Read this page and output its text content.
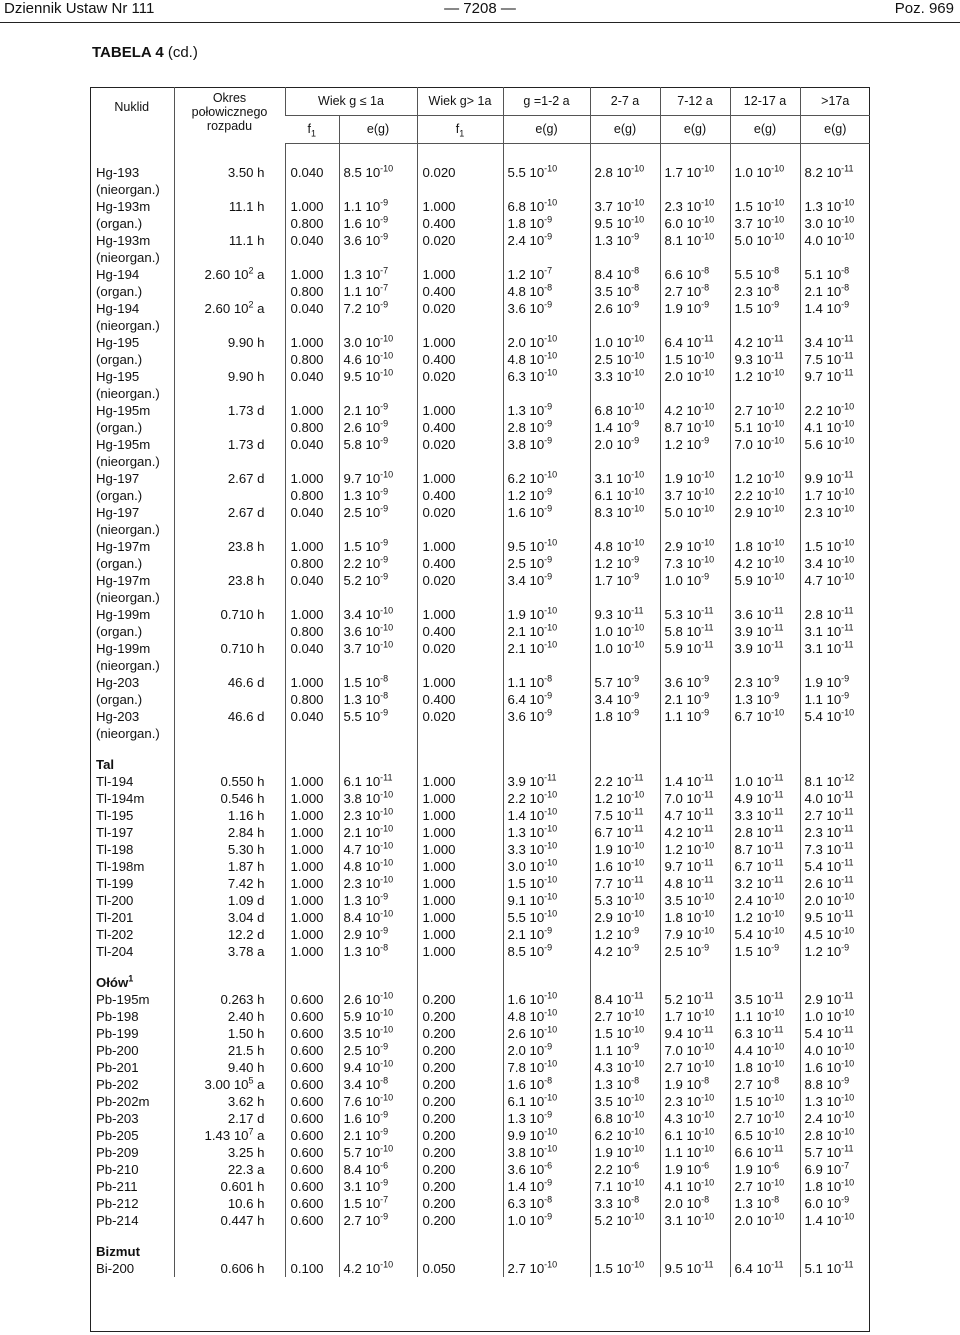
Dziennik Ustaw Nr 111	— 7208 —	Poz. 969
TABELA 4 (cd.)
Nuklid	Okres
połowicznego
rozpadu	Wiek g ≤ 1a		Wiek g> 1a	g =1-2 a	2-7 a	7-12 a	12-17 a	>17a
		$f_1$	e(g)	$f_1$	e(g)	e(g)	e(g)	e(g)	e(g)

Hg-193	3.50 h	0.040	8.5 $10^{-10}$	0.020	5.5 $10^{-10}$	2.8 $10^{-10}$	1.7 $10^{-10}$	1.0 $10^{-10}$	8.2 $10^{-11}$
(nieorgan.)									
Hg-193m	11.1 h	1.000	1.1 $10^{-9}$	1.000	6.8 $10^{-10}$	3.7 $10^{-10}$	2.3 $10^{-10}$	1.5 $10^{-10}$	1.3 $10^{-10}$
(organ.)		0.800	1.6 $10^{-9}$	0.400	1.8 $10^{-9}$	9.5 $10^{-10}$	6.0 $10^{-10}$	3.7 $10^{-10}$	3.0 $10^{-10}$
Hg-193m	11.1 h	0.040	3.6 $10^{-9}$	0.020	2.4 $10^{-9}$	1.3 $10^{-9}$	8.1 $10^{-10}$	5.0 $10^{-10}$	4.0 $10^{-10}$
(nieorgan.)									
Hg-194	2.60 $10^2$ a	1.000	1.3 $10^{-7}$	1.000	1.2 $10^{-7}$	8.4 $10^{-8}$	6.6 $10^{-8}$	5.5 $10^{-8}$	5.1 $10^{-8}$
(organ.)		0.800	1.1 $10^{-7}$	0.400	4.8 $10^{-8}$	3.5 $10^{-8}$	2.7 $10^{-8}$	2.3 $10^{-8}$	2.1 $10^{-8}$
Hg-194	2.60 $10^2$ a	0.040	7.2 $10^{-9}$	0.020	3.6 $10^{-9}$	2.6 $10^{-9}$	1.9 $10^{-9}$	1.5 $10^{-9}$	1.4 $10^{-9}$
(nieorgan.)									
Hg-195	9.90 h	1.000	3.0 $10^{-10}$	1.000	2.0 $10^{-10}$	1.0 $10^{-10}$	6.4 $10^{-11}$	4.2 $10^{-11}$	3.4 $10^{-11}$
(organ.)		0.800	4.6 $10^{-10}$	0.400	4.8 $10^{-10}$	2.5 $10^{-10}$	1.5 $10^{-10}$	9.3 $10^{-11}$	7.5 $10^{-11}$
Hg-195	9.90 h	0.040	9.5 $10^{-10}$	0.020	6.3 $10^{-10}$	3.3 $10^{-10}$	2.0 $10^{-10}$	1.2 $10^{-10}$	9.7 $10^{-11}$
(nieorgan.)									
Hg-195m	1.73 d	1.000	2.1 $10^{-9}$	1.000	1.3 $10^{-9}$	6.8 $10^{-10}$	4.2 $10^{-10}$	2.7 $10^{-10}$	2.2 $10^{-10}$
(organ.)		0.800	2.6 $10^{-9}$	0.400	2.8 $10^{-9}$	1.4 $10^{-9}$	8.7 $10^{-10}$	5.1 $10^{-10}$	4.1 $10^{-10}$
Hg-195m	1.73 d	0.040	5.8 $10^{-9}$	0.020	3.8 $10^{-9}$	2.0 $10^{-9}$	1.2 $10^{-9}$	7.0 $10^{-10}$	5.6 $10^{-10}$
(nieorgan.)									
Hg-197	2.67 d	1.000	9.7 $10^{-10}$	1.000	6.2 $10^{-10}$	3.1 $10^{-10}$	1.9 $10^{-10}$	1.2 $10^{-10}$	9.9 $10^{-11}$
(organ.)		0.800	1.3 $10^{-9}$	0.400	1.2 $10^{-9}$	6.1 $10^{-10}$	3.7 $10^{-10}$	2.2 $10^{-10}$	1.7 $10^{-10}$
Hg-197	2.67 d	0.040	2.5 $10^{-9}$	0.020	1.6 $10^{-9}$	8.3 $10^{-10}$	5.0 $10^{-10}$	2.9 $10^{-10}$	2.3 $10^{-10}$
(nieorgan.)									
Hg-197m	23.8 h	1.000	1.5 $10^{-9}$	1.000	9.5 $10^{-10}$	4.8 $10^{-10}$	2.9 $10^{-10}$	1.8 $10^{-10}$	1.5 $10^{-10}$
(organ.)		0.800	2.2 $10^{-9}$	0.400	2.5 $10^{-9}$	1.2 $10^{-9}$	7.3 $10^{-10}$	4.2 $10^{-10}$	3.4 $10^{-10}$
Hg-197m	23.8 h	0.040	5.2 $10^{-9}$	0.020	3.4 $10^{-9}$	1.7 $10^{-9}$	1.0 $10^{-9}$	5.9 $10^{-10}$	4.7 $10^{-10}$
(nieorgan.)									
Hg-199m	0.710 h	1.000	3.4 $10^{-10}$	1.000	1.9 $10^{-10}$	9.3 $10^{-11}$	5.3 $10^{-11}$	3.6 $10^{-11}$	2.8 $10^{-11}$
(organ.)		0.800	3.6 $10^{-10}$	0.400	2.1 $10^{-10}$	1.0 $10^{-10}$	5.8 $10^{-11}$	3.9 $10^{-11}$	3.1 $10^{-11}$
Hg-199m	0.710 h	0.040	3.7 $10^{-10}$	0.020	2.1 $10^{-10}$	1.0 $10^{-10}$	5.9 $10^{-11}$	3.9 $10^{-11}$	3.1 $10^{-11}$
(nieorgan.)									
Hg-203	46.6 d	1.000	1.5 $10^{-8}$	1.000	1.1 $10^{-8}$	5.7 $10^{-9}$	3.6 $10^{-9}$	2.3 $10^{-9}$	1.9 $10^{-9}$
(organ.)		0.800	1.3 $10^{-8}$	0.400	6.4 $10^{-9}$	3.4 $10^{-9}$	2.1 $10^{-9}$	1.3 $10^{-9}$	1.1 $10^{-9}$
Hg-203	46.6 d	0.040	5.5 $10^{-9}$	0.020	3.6 $10^{-9}$	1.8 $10^{-9}$	1.1 $10^{-9}$	6.7 $10^{-10}$	5.4 $10^{-10}$
(nieorgan.)									

Tal									
Tl-194	0.550 h	1.000	6.1 $10^{-11}$	1.000	3.9 $10^{-11}$	2.2 $10^{-11}$	1.4 $10^{-11}$	1.0 $10^{-11}$	8.1 $10^{-12}$
Tl-194m	0.546 h	1.000	3.8 $10^{-10}$	1.000	2.2 $10^{-10}$	1.2 $10^{-10}$	7.0 $10^{-11}$	4.9 $10^{-11}$	4.0 $10^{-11}$
Tl-195	1.16 h	1.000	2.3 $10^{-10}$	1.000	1.4 $10^{-10}$	7.5 $10^{-11}$	4.7 $10^{-11}$	3.3 $10^{-11}$	2.7 $10^{-11}$
Tl-197	2.84 h	1.000	2.1 $10^{-10}$	1.000	1.3 $10^{-10}$	6.7 $10^{-11}$	4.2 $10^{-11}$	2.8 $10^{-11}$	2.3 $10^{-11}$
Tl-198	5.30 h	1.000	4.7 $10^{-10}$	1.000	3.3 $10^{-10}$	1.9 $10^{-10}$	1.2 $10^{-10}$	8.7 $10^{-11}$	7.3 $10^{-11}$
Tl-198m	1.87 h	1.000	4.8 $10^{-10}$	1.000	3.0 $10^{-10}$	1.6 $10^{-10}$	9.7 $10^{-11}$	6.7 $10^{-11}$	5.4 $10^{-11}$
Tl-199	7.42 h	1.000	2.3 $10^{-10}$	1.000	1.5 $10^{-10}$	7.7 $10^{-11}$	4.8 $10^{-11}$	3.2 $10^{-11}$	2.6 $10^{-11}$
Tl-200	1.09 d	1.000	1.3 $10^{-9}$	1.000	9.1 $10^{-10}$	5.3 $10^{-10}$	3.5 $10^{-10}$	2.4 $10^{-10}$	2.0 $10^{-10}$
Tl-201	3.04 d	1.000	8.4 $10^{-10}$	1.000	5.5 $10^{-10}$	2.9 $10^{-10}$	1.8 $10^{-10}$	1.2 $10^{-10}$	9.5 $10^{-11}$
Tl-202	12.2 d	1.000	2.9 $10^{-9}$	1.000	2.1 $10^{-9}$	1.2 $10^{-9}$	7.9 $10^{-10}$	5.4 $10^{-10}$	4.5 $10^{-10}$
Tl-204	3.78 a	1.000	1.3 $10^{-8}$	1.000	8.5 $10^{-9}$	4.2 $10^{-9}$	2.5 $10^{-9}$	1.5 $10^{-9}$	1.2 $10^{-9}$

Ołów$^1$									
Pb-195m	0.263 h	0.600	2.6 $10^{-10}$	0.200	1.6 $10^{-10}$	8.4 $10^{-11}$	5.2 $10^{-11}$	3.5 $10^{-11}$	2.9 $10^{-11}$
Pb-198	2.40 h	0.600	5.9 $10^{-10}$	0.200	4.8 $10^{-10}$	2.7 $10^{-10}$	1.7 $10^{-10}$	1.1 $10^{-10}$	1.0 $10^{-10}$
Pb-199	1.50 h	0.600	3.5 $10^{-10}$	0.200	2.6 $10^{-10}$	1.5 $10^{-10}$	9.4 $10^{-11}$	6.3 $10^{-11}$	5.4 $10^{-11}$
Pb-200	21.5 h	0.600	2.5 $10^{-9}$	0.200	2.0 $10^{-9}$	1.1 $10^{-9}$	7.0 $10^{-10}$	4.4 $10^{-10}$	4.0 $10^{-10}$
Pb-201	9.40 h	0.600	9.4 $10^{-10}$	0.200	7.8 $10^{-10}$	4.3 $10^{-10}$	2.7 $10^{-10}$	1.8 $10^{-10}$	1.6 $10^{-10}$
Pb-202	3.00 $10^5$ a	0.600	3.4 $10^{-8}$	0.200	1.6 $10^{-8}$	1.3 $10^{-8}$	1.9 $10^{-8}$	2.7 $10^{-8}$	8.8 $10^{-9}$
Pb-202m	3.62 h	0.600	7.6 $10^{-10}$	0.200	6.1 $10^{-10}$	3.5 $10^{-10}$	2.3 $10^{-10}$	1.5 $10^{-10}$	1.3 $10^{-10}$
Pb-203	2.17 d	0.600	1.6 $10^{-9}$	0.200	1.3 $10^{-9}$	6.8 $10^{-10}$	4.3 $10^{-10}$	2.7 $10^{-10}$	2.4 $10^{-10}$
Pb-205	1.43 $10^7$ a	0.600	2.1 $10^{-9}$	0.200	9.9 $10^{-10}$	6.2 $10^{-10}$	6.1 $10^{-10}$	6.5 $10^{-10}$	2.8 $10^{-10}$
Pb-209	3.25 h	0.600	5.7 $10^{-10}$	0.200	3.8 $10^{-10}$	1.9 $10^{-10}$	1.1 $10^{-10}$	6.6 $10^{-11}$	5.7 $10^{-11}$
Pb-210	22.3 a	0.600	8.4 $10^{-6}$	0.200	3.6 $10^{-6}$	2.2 $10^{-6}$	1.9 $10^{-6}$	1.9 $10^{-6}$	6.9 $10^{-7}$
Pb-211	0.601 h	0.600	3.1 $10^{-9}$	0.200	1.4 $10^{-9}$	7.1 $10^{-10}$	4.1 $10^{-10}$	2.7 $10^{-10}$	1.8 $10^{-10}$
Pb-212	10.6 h	0.600	1.5 $10^{-7}$	0.200	6.3 $10^{-8}$	3.3 $10^{-8}$	2.0 $10^{-8}$	1.3 $10^{-8}$	6.0 $10^{-9}$
Pb-214	0.447 h	0.600	2.7 $10^{-9}$	0.200	1.0 $10^{-9}$	5.2 $10^{-10}$	3.1 $10^{-10}$	2.0 $10^{-10}$	1.4 $10^{-10}$

Bizmut									
Bi-200	0.606 h	0.100	4.2 $10^{-10}$	0.050	2.7 $10^{-10}$	1.5 $10^{-10}$	9.5 $10^{-11}$	6.4 $10^{-11}$	5.1 $10^{-11}$
